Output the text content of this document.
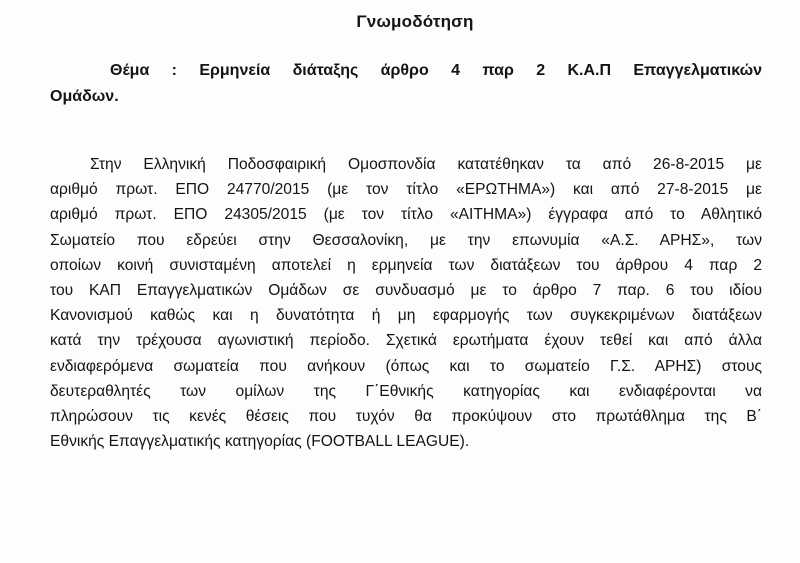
Γνωμοδότηση
Θέμα : Ερμηνεία διάταξης άρθρο 4 παρ 2 Κ.Α.Π Επαγγελματικών
Ομάδων.
Στην Ελληνική Ποδοσφαιρική Ομοσπονδία κατατέθηκαν τα από 26-8-2015 με
αριθμό πρωτ. ΕΠΟ 24770/2015 (με τον τίτλο «ΕΡΩΤΗΜΑ») και από 27-8-2015 με
αριθμό πρωτ. ΕΠΟ 24305/2015 (με τον τίτλο «ΑΙΤΗΜΑ») έγγραφα από το Αθλητικό
Σωματείο που εδρεύει στην Θεσσαλονίκη, με την επωνυμία «Α.Σ. ΑΡΗΣ», των
οποίων κοινή συνισταμένη αποτελεί η ερμηνεία των διατάξεων του άρθρου 4 παρ 2
του ΚΑΠ Επαγγελματικών Ομάδων σε συνδυασμό με το άρθρο 7 παρ. 6 του ιδίου
Κανονισμού καθώς και η δυνατότητα ή μη εφαρμογής των συγκεκριμένων διατάξεων
κατά την τρέχουσα αγωνιστική περίοδο. Σχετικά ερωτήματα έχουν τεθεί και από άλλα
ενδιαφερόμενα σωματεία που ανήκουν (όπως και το σωματείο Γ.Σ. ΑΡΗΣ) στους
δευτεραθλητές των ομίλων της Γ΄Εθνικής κατηγορίας και ενδιαφέρονται να
πληρώσουν τις κενές θέσεις που τυχόν θα προκύψουν στο πρωτάθλημα της Β΄
Εθνικής Επαγγελματικής κατηγορίας (FOOTBALL LEAGUE).
